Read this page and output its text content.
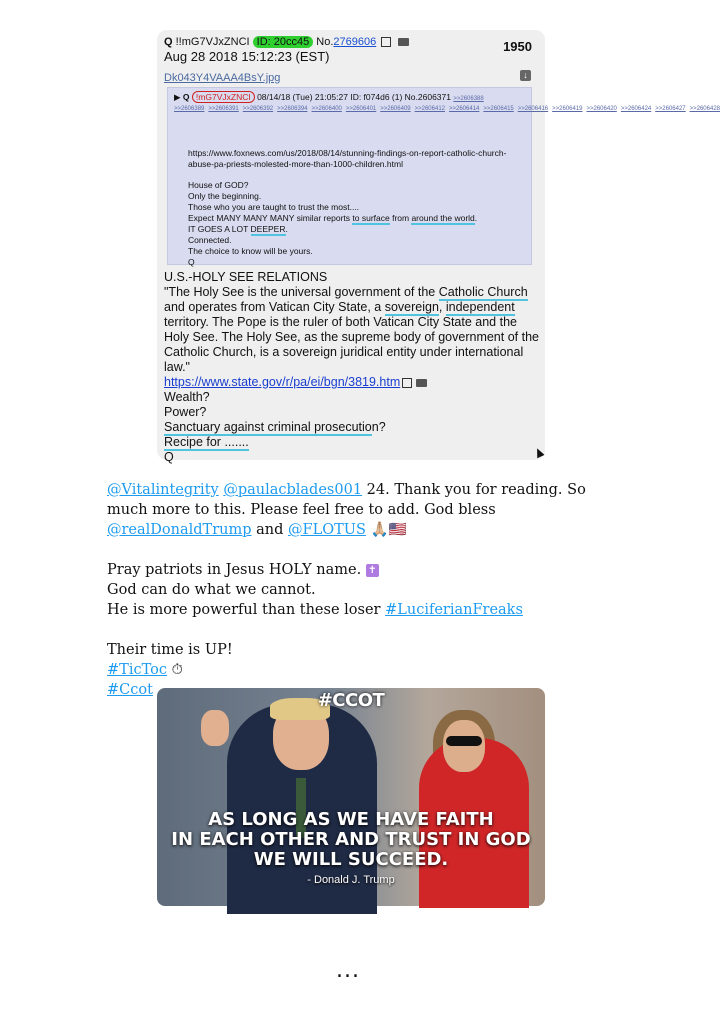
Q !!mG7VJxZNCI ID: 20cc45 No.2769606
Aug 28 2018 15:12:23 (EST)
1950
Dk043Y4VAAA4BsY.jpg	↓
▶ Q !mG7VJxZNCI 08/14/18 (Tue) 21:05:27 ID: f074d6 (1) No.2606371 >>2606388
>>2606389 >>2606391 >>2606392 >>2606394 >>2606400 >>2606401 >>2606409 >>2606412 >>2606414 >>2606415 >>2606416 >>2606419 >>2606420 >>2606424 >>2606427 >>2606428
https://www.foxnews.com/us/2018/08/14/stunning-findings-on-report-catholic-church-abuse-pa-priests-molested-more-than-1000-children.html
House of GOD?
Only the beginning.
Those who you are taught to trust the most....
Expect MANY MANY MANY similar reports to surface from around the world.
IT GOES A LOT DEEPER.
Connected.
The choice to know will be yours.
Q
U.S.-HOLY SEE RELATIONS
"The Holy See is the universal government of the Catholic Church and operates from Vatican City State, a sovereign, independent territory. The Pope is the ruler of both Vatican City State and the Holy See. The Holy See, as the supreme body of government of the Catholic Church, is a sovereign juridical entity under international law."
https://www.state.gov/r/pa/ei/bgn/3819.htm
Wealth?
Power?
Sanctuary against criminal prosecution?
Recipe for .......
Q
@Vitalintegrity @paulacblades001 24. Thank you for reading. So much more to this. Please feel free to add. God bless @realDonaldTrump and @FLOTUS 🙏🏼🇺🇸
Pray patriots in Jesus HOLY name. ✝
God can do what we cannot.
He is more powerful than these loser #LuciferianFreaks
Their time is UP!
#TicToc ⏱
#Ccot	#CCOT
AS LONG AS WE HAVE FAITH
IN EACH OTHER AND TRUST IN GOD
WE WILL SUCCEED.
- Donald J. Trump
...
